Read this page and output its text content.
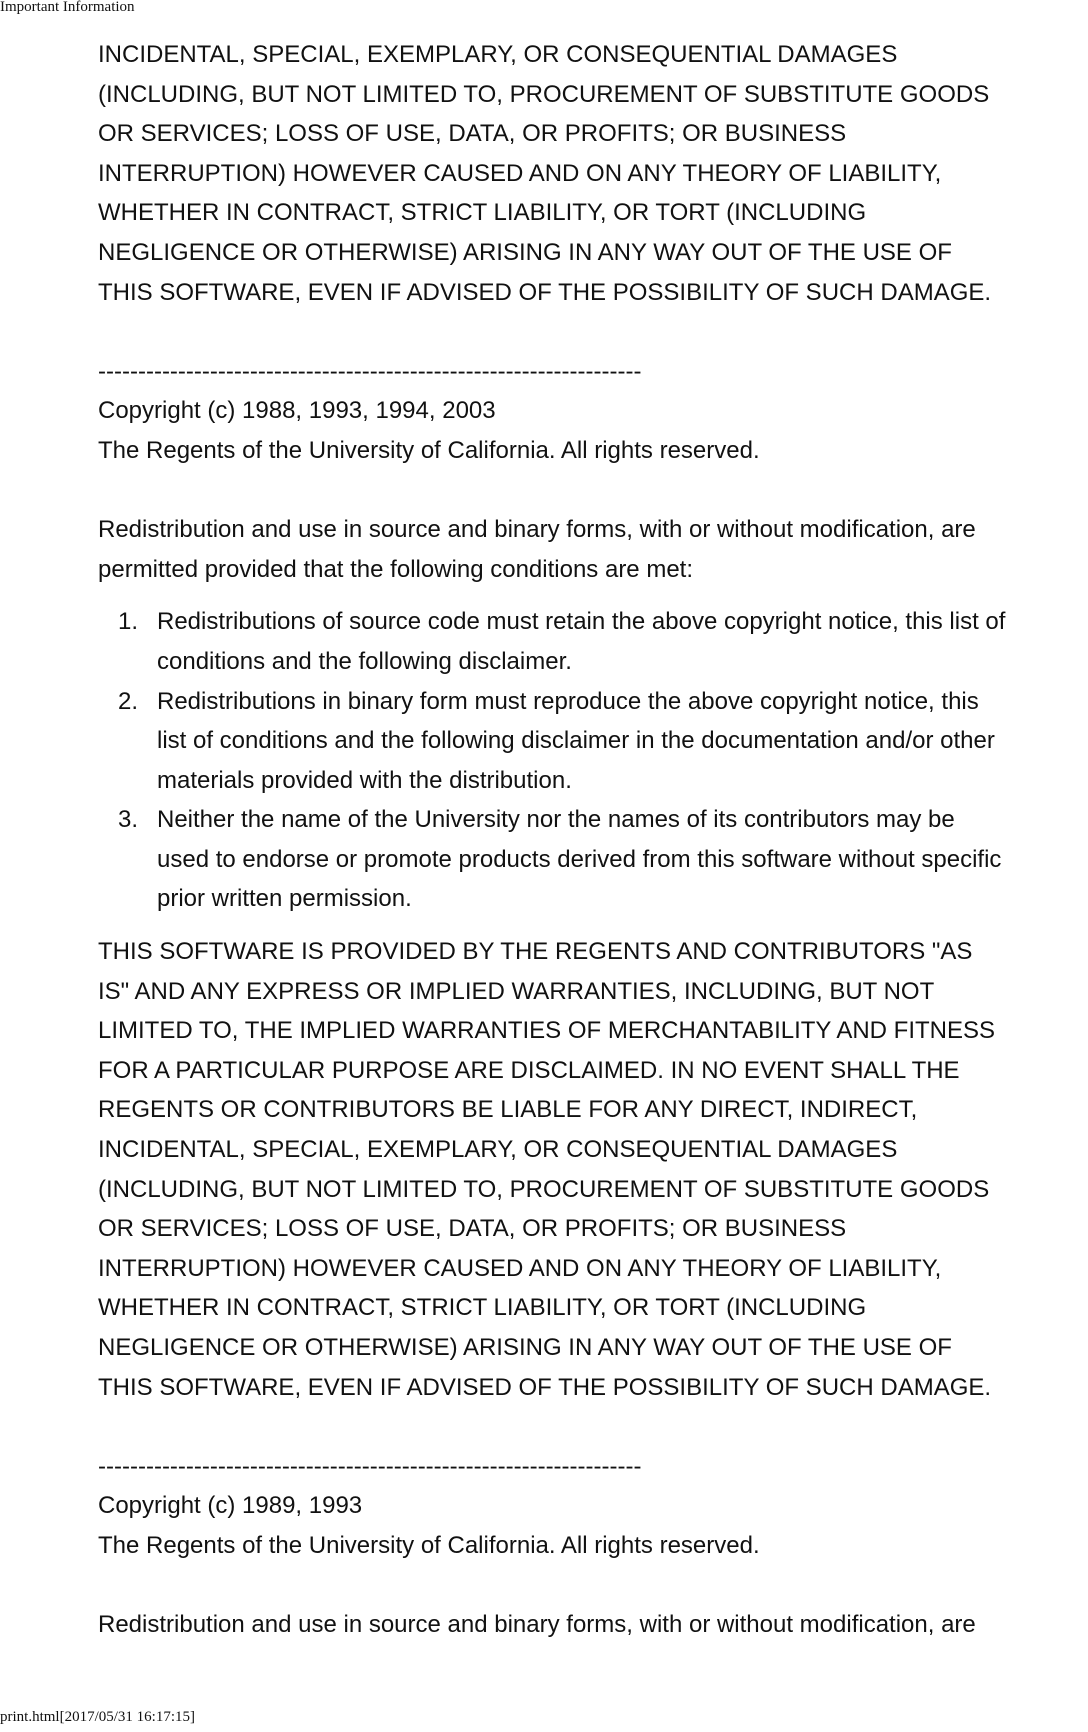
Important Information
INCIDENTAL, SPECIAL, EXEMPLARY, OR CONSEQUENTIAL DAMAGES
(INCLUDING, BUT NOT LIMITED TO, PROCUREMENT OF SUBSTITUTE GOODS
OR SERVICES; LOSS OF USE, DATA, OR PROFITS; OR BUSINESS
INTERRUPTION) HOWEVER CAUSED AND ON ANY THEORY OF LIABILITY,
WHETHER IN CONTRACT, STRICT LIABILITY, OR TORT (INCLUDING
NEGLIGENCE OR OTHERWISE) ARISING IN ANY WAY OUT OF THE USE OF
THIS SOFTWARE, EVEN IF ADVISED OF THE POSSIBILITY OF SUCH DAMAGE.
--------------------------------------------------------------------
Copyright (c) 1988, 1993, 1994, 2003
The Regents of the University of California. All rights reserved.
Redistribution and use in source and binary forms, with or without modification, are
permitted provided that the following conditions are met:
1. Redistributions of source code must retain the above copyright notice, this list of
conditions and the following disclaimer.
2. Redistributions in binary form must reproduce the above copyright notice, this
list of conditions and the following disclaimer in the documentation and/or other
materials provided with the distribution.
3. Neither the name of the University nor the names of its contributors may be
used to endorse or promote products derived from this software without specific
prior written permission.
THIS SOFTWARE IS PROVIDED BY THE REGENTS AND CONTRIBUTORS "AS
IS" AND ANY EXPRESS OR IMPLIED WARRANTIES, INCLUDING, BUT NOT
LIMITED TO, THE IMPLIED WARRANTIES OF MERCHANTABILITY AND FITNESS
FOR A PARTICULAR PURPOSE ARE DISCLAIMED. IN NO EVENT SHALL THE
REGENTS OR CONTRIBUTORS BE LIABLE FOR ANY DIRECT, INDIRECT,
INCIDENTAL, SPECIAL, EXEMPLARY, OR CONSEQUENTIAL DAMAGES
(INCLUDING, BUT NOT LIMITED TO, PROCUREMENT OF SUBSTITUTE GOODS
OR SERVICES; LOSS OF USE, DATA, OR PROFITS; OR BUSINESS
INTERRUPTION) HOWEVER CAUSED AND ON ANY THEORY OF LIABILITY,
WHETHER IN CONTRACT, STRICT LIABILITY, OR TORT (INCLUDING
NEGLIGENCE OR OTHERWISE) ARISING IN ANY WAY OUT OF THE USE OF
THIS SOFTWARE, EVEN IF ADVISED OF THE POSSIBILITY OF SUCH DAMAGE.
--------------------------------------------------------------------
Copyright (c) 1989, 1993
The Regents of the University of California. All rights reserved.
Redistribution and use in source and binary forms, with or without modification, are
print.html[2017/05/31 16:17:15]
